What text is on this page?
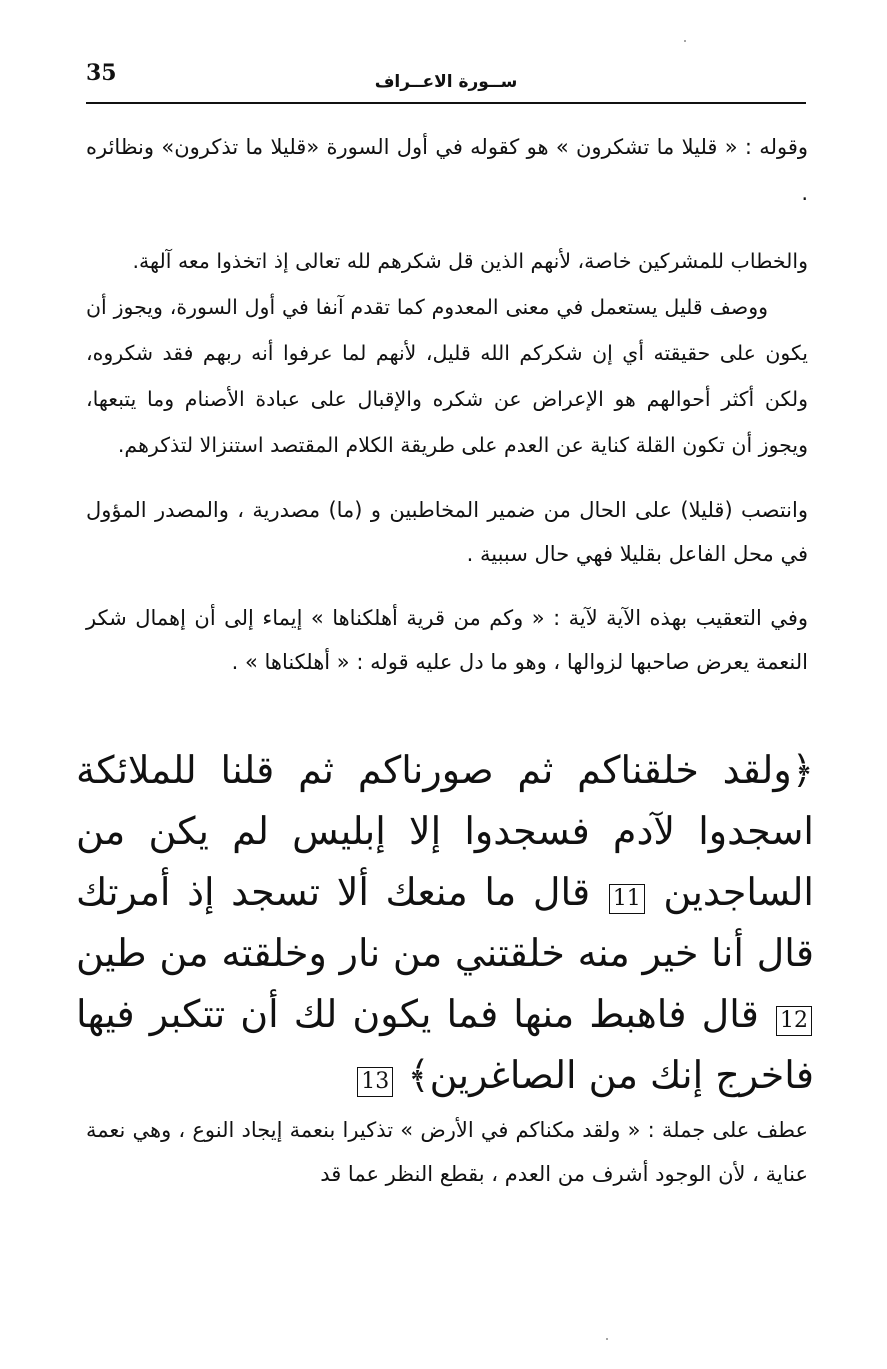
35	ســورة الاعــراف
وقوله : « قليلا ما تشكرون » هو كقوله في أول السورة «قليلا ما تذكرون» ونظائره .
والخطاب للمشركين خاصة، لأنهم الذين قل شكرهم لله تعالى إذ اتخذوا معه آلهة.
ووصف قليل يستعمل في معنى المعدوم كما تقدم آنفا في أول السورة، ويجوز أن يكون على حقيقته أي إن شكركم الله قليل، لأنهم لما عرفوا أنه ربهم فقد شكروه، ولكن أكثر أحوالهم هو الإعراض عن شكره والإقبال على عبادة الأصنام وما يتبعها، ويجوز أن تكون القلة كناية عن العدم على طريقة الكلام المقتصد استنزالا لتذكرهم.
وانتصب (قليلا) على الحال من ضمير المخاطبين و (ما) مصدرية ، والمصدر المؤول في محل الفاعل بقليلا فهي حال سببية .
وفي التعقيب بهذه الآية لآية : « وكم من قرية أهلكناها » إيماء إلى أن إهمال شكر النعمة يعرض صاحبها لزوالها ، وهو ما دل عليه قوله : « أهلكناها » .
﴿ولقد خلقناكم ثم صورناكم ثم قلنا للملائكة اسجدوا لآدم فسجدوا إلا إبليس لم يكن من الساجدين 11 قال ما منعك ألا تسجد إذ أمرتك قال أنا خير منه خلقتني من نار وخلقته من طين 12 قال فاهبط منها فما يكون لك أن تتكبر فيها فاخرج إنك من الصاغرين﴾ 13
عطف على جملة : « ولقد مكناكم في الأرض » تذكيرا بنعمة إيجاد النوع ، وهي نعمة عناية ، لأن الوجود أشرف من العدم ، بقطع النظر عما قد
